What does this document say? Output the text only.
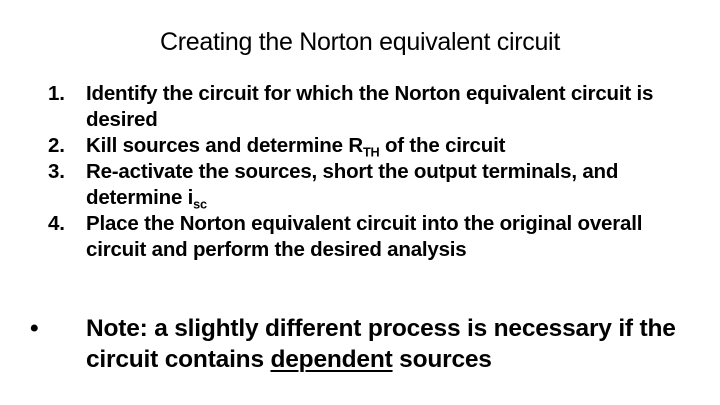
Creating the Norton equivalent circuit
1.	Identify the circuit for which the Norton equivalent circuit is desired
2.	Kill sources and determine $R_{TH}$ of the circuit
3.	Re-activate the sources, short the output terminals, and determine $i_{sc}$
4.	Place the Norton equivalent circuit into the original overall circuit and perform the desired analysis
•	Note: a slightly different process is necessary if the circuit contains dependent sources
